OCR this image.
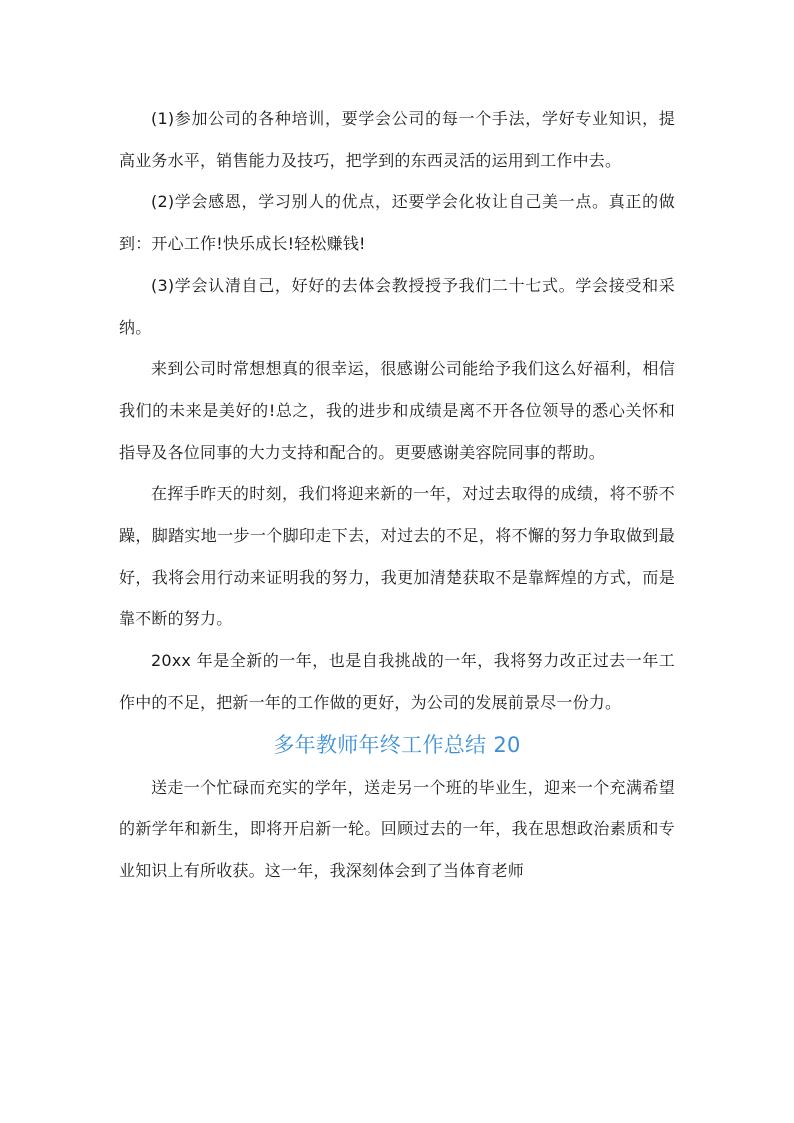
(1)参加公司的各种培训，要学会公司的每一个手法，学好专业知识，提高业务水平，销售能力及技巧，把学到的东西灵活的运用到工作中去。

(2)学会感恩，学习别人的优点，还要学会化妆让自己美一点。真正的做到：开心工作!快乐成长!轻松赚钱!

(3)学会认清自己，好好的去体会教授授予我们二十七式。学会接受和采纳。

来到公司时常想想真的很幸运，很感谢公司能给予我们这么好福利，相信我们的未来是美好的!总之，我的进步和成绩是离不开各位领导的悉心关怀和指导及各位同事的大力支持和配合的。更要感谢美容院同事的帮助。

在挥手昨天的时刻，我们将迎来新的一年，对过去取得的成绩，将不骄不躁，脚踏实地一步一个脚印走下去，对过去的不足，将不懈的努力争取做到最好，我将会用行动来证明我的努力，我更加清楚获取不是靠辉煌的方式，而是靠不断的努力。

20xx 年是全新的一年，也是自我挑战的一年，我将努力改正过去一年工作中的不足，把新一年的工作做的更好，为公司的发展前景尽一份力。

多年教师年终工作总结 20

送走一个忙碌而充实的学年，送走另一个班的毕业生，迎来一个充满希望的新学年和新生，即将开启新一轮。回顾过去的一年，我在思想政治素质和专业知识上有所收获。这一年，我深刻体会到了当体育老师
